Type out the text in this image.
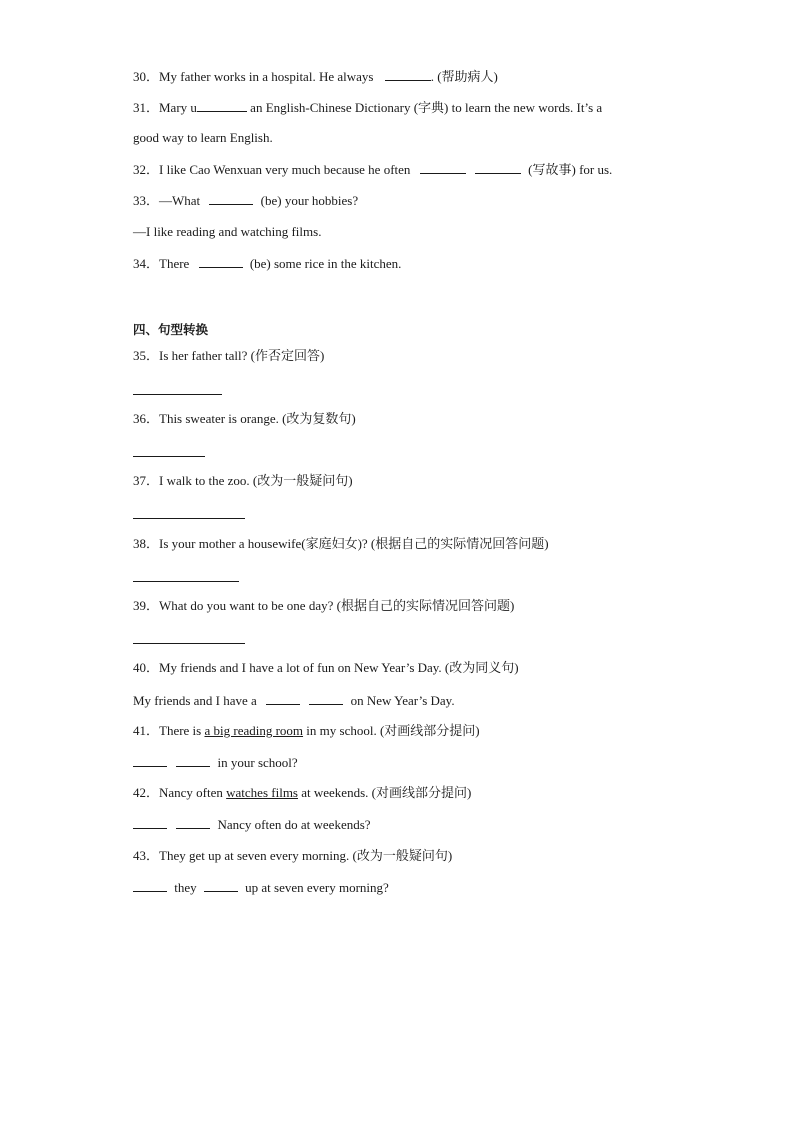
30．My father works in a hospital. He always	. (帮助病人)
31．Mary u	an English-Chinese Dictionary (字典) to learn the new words. It’s a
good way to learn English.
32．I like Cao Wenxuan very much because he often	(写故事) for us.
33．—What	(be) your hobbies?
—I like reading and watching films.
34．There	(be) some rice in the kitchen.
四、句型转换
35．Is her father tall? (作否定回答)
36．This sweater is orange. (改为复数句)
37．I walk to the zoo. (改为一般疑问句)
38．Is your mother a housewife(家庭妇女)? (根据自己的实际情况回答问题)
39．What do you want to be one day? (根据自己的实际情况回答问题)
40．My friends and I have a lot of fun on New Year’s Day. (改为同义句)
My friends and I have a	on New Year’s Day.
41．There is a big reading room in my school. (对画线部分提问)
in your school?
42．Nancy often watches films at weekends. (对画线部分提问)
Nancy often do at weekends?
43．They get up at seven every morning. (改为一般疑问句)
they	up at seven every morning?
